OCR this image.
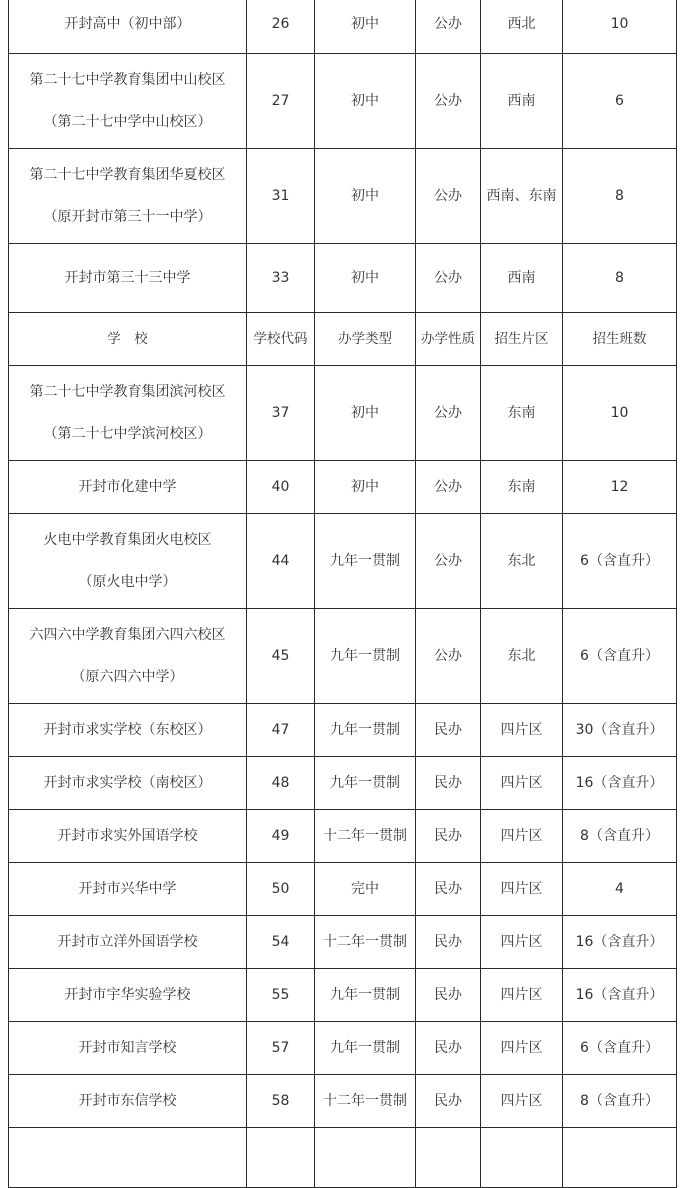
开封高中（初中部）	26	初中	公办	西北	10

第二十七中学教育集团中山校区
（第二十七中学中山校区）	27	初中	公办	西南	6

第二十七中学教育集团华夏校区
（原开封市第三十一中学）	31	初中	公办	西南、东南	8

开封市第三十三中学	33	初中	公办	西南	8
学　校	学校代码	办学类型	办学性质	招生片区	招生班数

第二十七中学教育集团滨河校区
（第二十七中学滨河校区）	37	初中	公办	东南	10

开封市化建中学	40	初中	公办	东南	12

火电中学教育集团火电校区
（原火电中学）	44	九年一贯制	公办	东北	6（含直升）

六四六中学教育集团六四六校区
（原六四六中学）	45	九年一贯制	公办	东北	6（含直升）

开封市求实学校（东校区）	47	九年一贯制	民办	四片区	30（含直升）

开封市求实学校（南校区）	48	九年一贯制	民办	四片区	16（含直升）

开封市求实外国语学校	49	十二年一贯制	民办	四片区	8（含直升）

开封市兴华中学	50	完中	民办	四片区	4

开封市立洋外国语学校	54	十二年一贯制	民办	四片区	16（含直升）

开封市宇华实验学校	55	九年一贯制	民办	四片区	16（含直升）

开封市知言学校	57	九年一贯制	民办	四片区	6（含直升）

开封市东信学校	58	十二年一贯制	民办	四片区	8（含直升）
